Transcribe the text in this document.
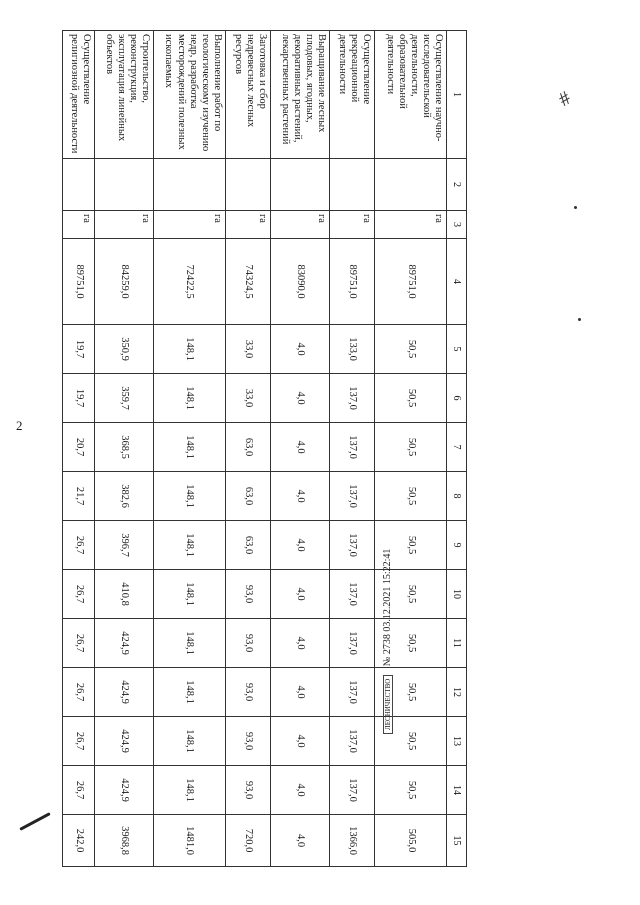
2
1	2	3	4	5	6	7	8	9	10	11	12	13	14	15
Осуществление научно-исследовательской деятельности, образовательной деятельности		га	89751,0	50,5	50,5	50,5	50,5	50,5	50,5	50,5	50,5	50,5	50,5	505,0
Осуществление рекреационной деятельности		га	89751,0	133,0	137,0	137,0	137,0	137,0	137,0	137,0	137,0	137,0	137,0	1366,0
Выращивание лесных плодовых, ягодных, декоративных растений, лекарственных растений		га	83090,0	4,0	4,0	4,0	4,0	4,0	4,0	4,0	4,0	4,0	4,0	4,0
Заготовка и сбор недревесных лесных ресурсов		га	74324,5	33,0	33,0	63,0	63,0	63,0	93,0	93,0	93,0	93,0	93,0	720,0
Выполнение работ по геологическому изучению недр, разработка месторождений полезных ископаемых		га	72422,5	148,1	148,1	148,1	148,1	148,1	148,1	148,1	148,1	148,1	148,1	1481,0
Строительство, реконструкция, эксплуатация линейных объектов		га	84259,0	350,9	359,7	368,5	382,6	396,7	410,8	424,9	424,9	424,9	424,9	3968,8
Осуществление религиозной деятельности		га	89751,0	19,7	19,7	20,7	21,7	26,7	26,7	26,7	26,7	26,7	26,7	242,0
ЛЕСНИЧЕСТВО № 2738 03.12.2021 15:22:41
#
